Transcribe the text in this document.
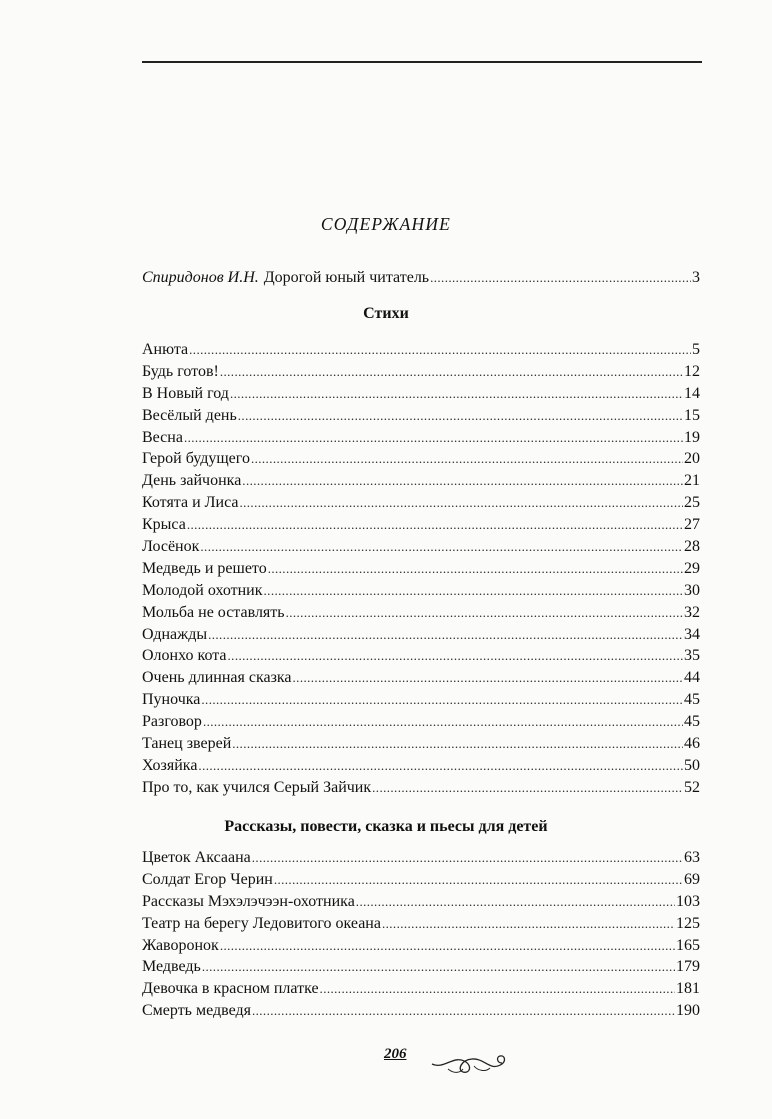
СОДЕРЖАНИЕ
Спиридонов И.Н. Дорогой юный читатель .....	3
Стихи
Анюта .....	5
Будь готов! .....	12
В Новый год .....	14
Весёлый день .....	15
Весна .....	19
Герой будущего .....	20
День зайчонка .....	21
Котята и Лиса .....	25
Крыса .....	27
Лосёнок .....	28
Медведь и решето .....	29
Молодой охотник .....	30
Мольба не оставлять .....	32
Однажды .....	34
Олонхо кота .....	35
Очень длинная сказка .....	44
Пуночка .....	45
Разговор .....	45
Танец зверей .....	46
Хозяйка .....	50
Про то, как учился Серый Зайчик .....	52
Рассказы, повести, сказка и пьесы для детей
Цветок Аксаана .....	63
Солдат Егор Черин .....	69
Рассказы Мэхэлэчээн-охотника .....	103
Театр на берегу Ледовитого океана .....	125
Жаворонок .....	165
Медведь .....	179
Девочка в красном платке .....	181
Смерть медведя .....	190
206
